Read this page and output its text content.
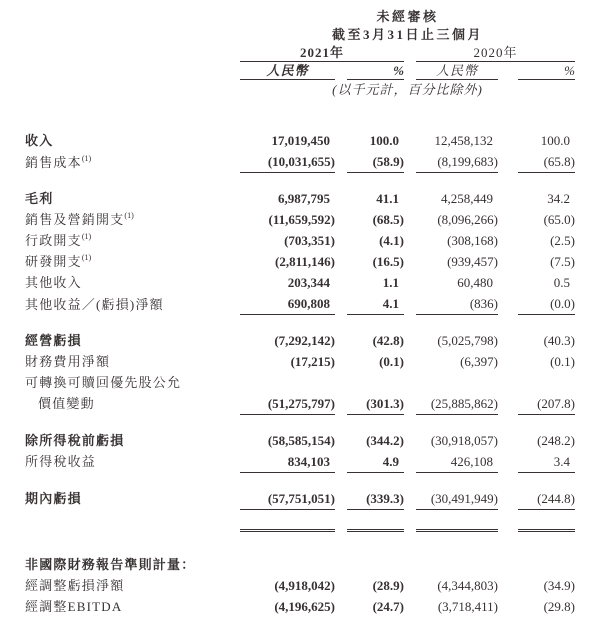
	未經審核						
	截至3月31日止三個月						
	2021年				2020年		
	人民幣		%		人民幣		%
	(以千元計，百分比除外)						

收入	17,019,450		100.0		12,458,132		100.0
銷售成本$^{(1)}$	(10,031,655)		(58.9)		(8,199,683)		(65.8)

毛利	6,987,795		41.1		4,258,449		34.2
銷售及營銷開支$^{(1)}$	(11,659,592)		(68.5)		(8,096,266)		(65.0)
行政開支$^{(1)}$	(703,351)		(4.1)		(308,168)		(2.5)
研發開支$^{(1)}$	(2,811,146)		(16.5)		(939,457)		(7.5)
其他收入	203,344		1.1		60,480		0.5
其他收益／(虧損)淨額	690,808		4.1		(836)		(0.0)

經營虧損	(7,292,142)		(42.8)		(5,025,798)		(40.3)
財務費用淨額	(17,215)		(0.1)		(6,397)		(0.1)

可轉換可贖回優先股公允
價值變動	(51,275,797)		(301.3)		(25,885,862)		(207.8)

除所得稅前虧損	(58,585,154)		(344.2)		(30,918,057)		(248.2)
所得稅收益	834,103		4.9		426,108		3.4

期內虧損	(57,751,051)		(339.3)		(30,491,949)		(244.8)

非國際財務報告準則計量：							
經調整虧損淨額	(4,918,042)		(28.9)		(4,344,803)		(34.9)
經調整EBITDA	(4,196,625)		(24.7)		(3,718,411)		(29.8)
